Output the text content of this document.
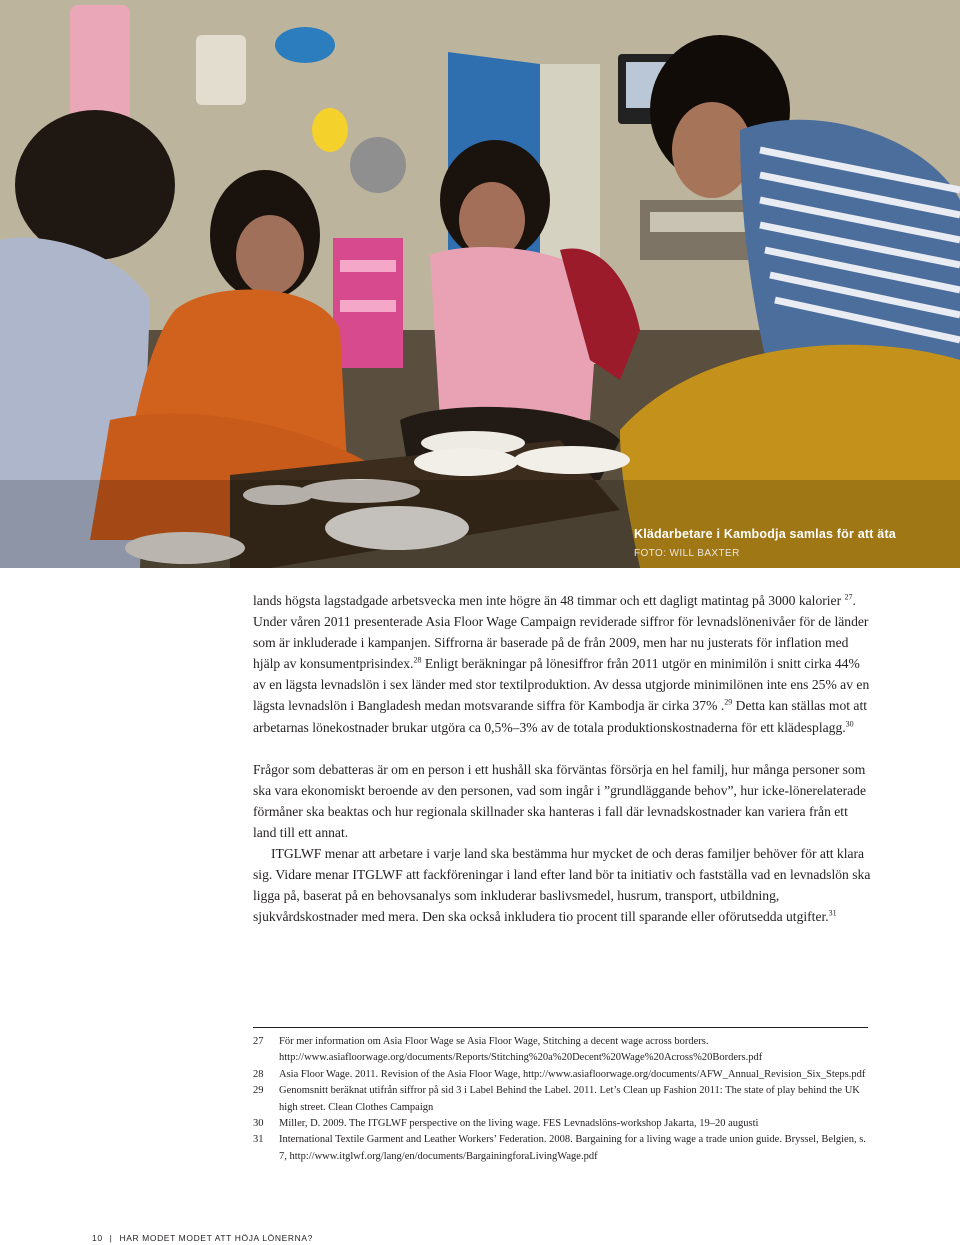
Klädarbetare i Kambodja samlas för att äta
FOTO: WILL BAXTER

lands högsta lagstadgade arbetsvecka men inte högre än 48 timmar och ett dagligt matintag på 3000 kalorier $^{27}$. Under våren 2011 presenterade Asia Floor Wage Campaign reviderade siffror för levnadslönenivåer för de länder som är inkluderade i kampanjen. Siffrorna är baserade på de från 2009, men har nu justerats för inflation med hjälp av konsumentprisindex.$^{28}$ Enligt beräkningar på lönesiffror från 2011 utgör en minimilön i snitt cirka 44% av en lägsta levnadslön i sex länder med stor textilproduktion. Av dessa utgjorde minimilönen inte ens 25% av en lägsta levnadslön i Bangladesh medan motsvarande siffra för Kambodja är cirka 37% .$^{29}$ Detta kan ställas mot att arbetarnas lönekostnader brukar utgöra ca 0,5%–3% av de totala produktionskostnaderna för ett klädesplagg.$^{30}$

Frågor som debatteras är om en person i ett hushåll ska förväntas försörja en hel familj, hur många personer som ska vara ekonomiskt beroende av den personen, vad som ingår i ”grundläggande behov”, hur icke-lönerelaterade förmåner ska beaktas och hur regionala skillnader ska hanteras i fall där levnadskostnader kan variera från ett land till ett annat.

ITGLWF menar att arbetare i varje land ska bestämma hur mycket de och deras familjer behöver för att klara sig. Vidare menar ITGLWF att fackföreningar i land efter land bör ta initiativ och fastställa vad en levnadslön ska ligga på, baserat på en behovsanalys som inkluderar baslivsmedel, husrum, transport, utbildning, sjukvårdskostnader med mera. Den ska också inkludera tio procent till sparande eller oförutsedda utgifter.$^{31}$

27	För mer information om Asia Floor Wage se Asia Floor Wage, Stitching a decent wage across borders. http://www.asiafloorwage.org/documents/Reports/Stitching%20a%20Decent%20Wage%20Across%20Borders.pdf
28	Asia Floor Wage. 2011. Revision of the Asia Floor Wage, http://www.asiafloorwage.org/documents/AFW_Annual_Revision_Six_Steps.pdf
29	Genomsnitt beräknat utifrån siffror på sid 3 i Label Behind the Label. 2011. Let’s Clean up Fashion 2011: The state of play behind the UK high street. Clean Clothes Campaign
30	Miller, D. 2009. The ITGLWF perspective on the living wage. FES Levnadslöns-workshop Jakarta, 19–20 augusti
31	International Textile Garment and Leather Workers’ Federation. 2008. Bargaining for a living wage a trade union guide. Bryssel, Belgien, s. 7, http://www.itglwf.org/lang/en/documents/BargainingforaLivingWage.pdf
10 | HAR MODET MODET ATT HÖJA LÖNERNA?
